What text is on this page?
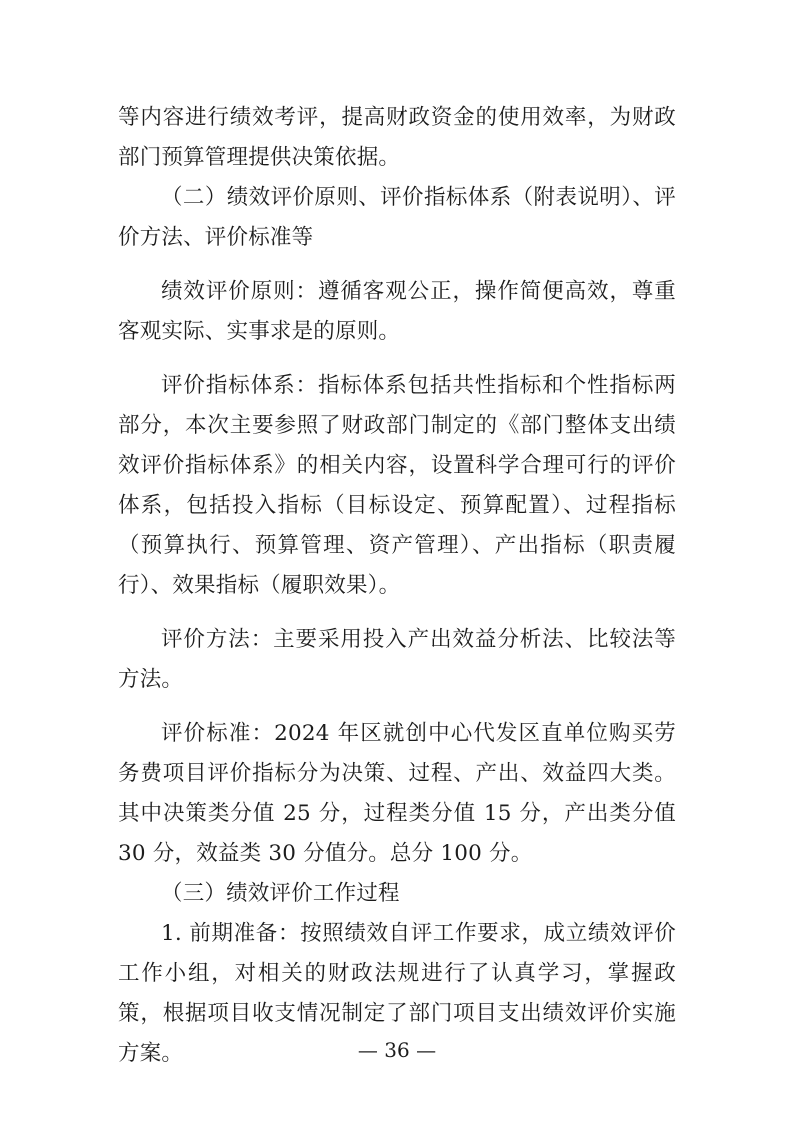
等内容进行绩效考评，提高财政资金的使用效率，为财政部门预算管理提供决策依据。

（二）绩效评价原则、评价指标体系（附表说明）、评价方法、评价标准等

绩效评价原则：遵循客观公正，操作简便高效，尊重客观实际、实事求是的原则。

评价指标体系：指标体系包括共性指标和个性指标两部分，本次主要参照了财政部门制定的《部门整体支出绩效评价指标体系》的相关内容，设置科学合理可行的评价体系，包括投入指标（目标设定、预算配置）、过程指标（预算执行、预算管理、资产管理）、产出指标（职责履行）、效果指标（履职效果）。

评价方法：主要采用投入产出效益分析法、比较法等方法。

评价标准：2024 年区就创中心代发区直单位购买劳务费项目评价指标分为决策、过程、产出、效益四大类。其中决策类分值 25 分，过程类分值 15 分，产出类分值 30 分，效益类 30 分值分。总分 100 分。

（三）绩效评价工作过程

1. 前期准备：按照绩效自评工作要求，成立绩效评价工作小组，对相关的财政法规进行了认真学习，掌握政策，根据项目收支情况制定了部门项目支出绩效评价实施方案。	— 36 —
